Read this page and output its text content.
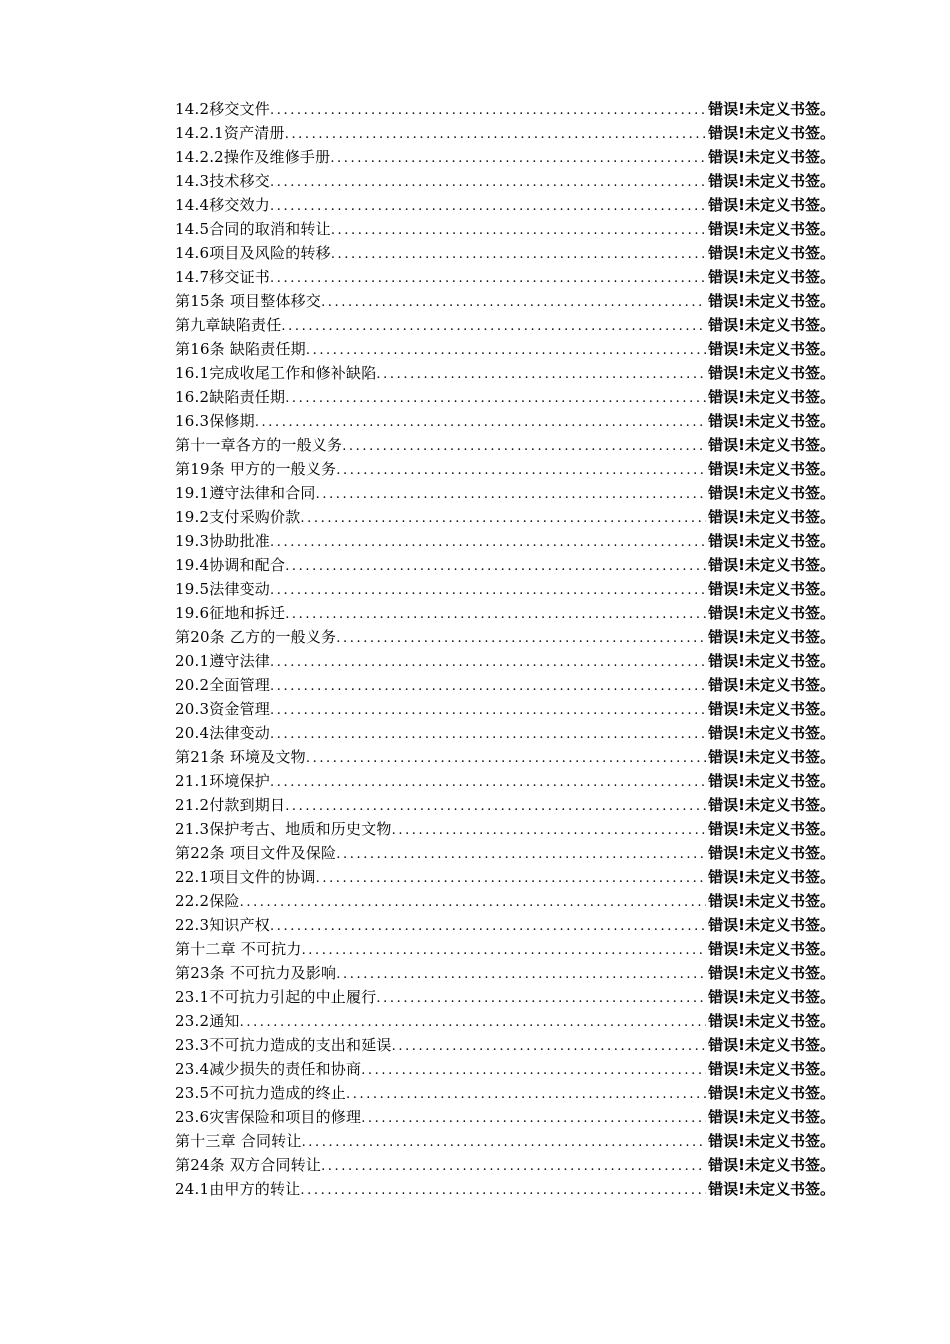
14.2移交文件 .....	错误!未定义书签。
14.2.1资产清册 .....	错误!未定义书签。
14.2.2操作及维修手册 .....	错误!未定义书签。
14.3技术移交 .....	错误!未定义书签。
14.4移交效力 .....	错误!未定义书签。
14.5合同的取消和转让 .....	错误!未定义书签。
14.6项目及风险的转移 .....	错误!未定义书签。
14.7移交证书 .....	错误!未定义书签。
第15条 项目整体移交 .....	错误!未定义书签。
第九章缺陷责任 .....	错误!未定义书签。
第16条 缺陷责任期 .....	错误!未定义书签。
16.1完成收尾工作和修补缺陷 .....	错误!未定义书签。
16.2缺陷责任期 .....	错误!未定义书签。
16.3保修期 .....	错误!未定义书签。
第十一章各方的一般义务 .....	错误!未定义书签。
第19条 甲方的一般义务 .....	错误!未定义书签。
19.1遵守法律和合同 .....	错误!未定义书签。
19.2支付采购价款 .....	错误!未定义书签。
19.3协助批准 .....	错误!未定义书签。
19.4协调和配合 .....	错误!未定义书签。
19.5法律变动 .....	错误!未定义书签。
19.6征地和拆迁 .....	错误!未定义书签。
第20条 乙方的一般义务 .....	错误!未定义书签。
20.1遵守法律 .....	错误!未定义书签。
20.2全面管理 .....	错误!未定义书签。
20.3资金管理 .....	错误!未定义书签。
20.4法律变动 .....	错误!未定义书签。
第21条 环境及文物 .....	错误!未定义书签。
21.1环境保护 .....	错误!未定义书签。
21.2付款到期日 .....	错误!未定义书签。
21.3保护考古、地质和历史文物 .....	错误!未定义书签。
第22条 项目文件及保险 .....	错误!未定义书签。
22.1项目文件的协调 .....	错误!未定义书签。
22.2保险 .....	错误!未定义书签。
22.3知识产权 .....	错误!未定义书签。
第十二章 不可抗力 .....	错误!未定义书签。
第23条 不可抗力及影响 .....	错误!未定义书签。
23.1不可抗力引起的中止履行 .....	错误!未定义书签。
23.2通知 .....	错误!未定义书签。
23.3不可抗力造成的支出和延误 .....	错误!未定义书签。
23.4减少损失的责任和协商 .....	错误!未定义书签。
23.5不可抗力造成的终止 .....	错误!未定义书签。
23.6灾害保险和项目的修理 .....	错误!未定义书签。
第十三章 合同转让 .....	错误!未定义书签。
第24条 双方合同转让 .....	错误!未定义书签。
24.1由甲方的转让 .....	错误!未定义书签。
